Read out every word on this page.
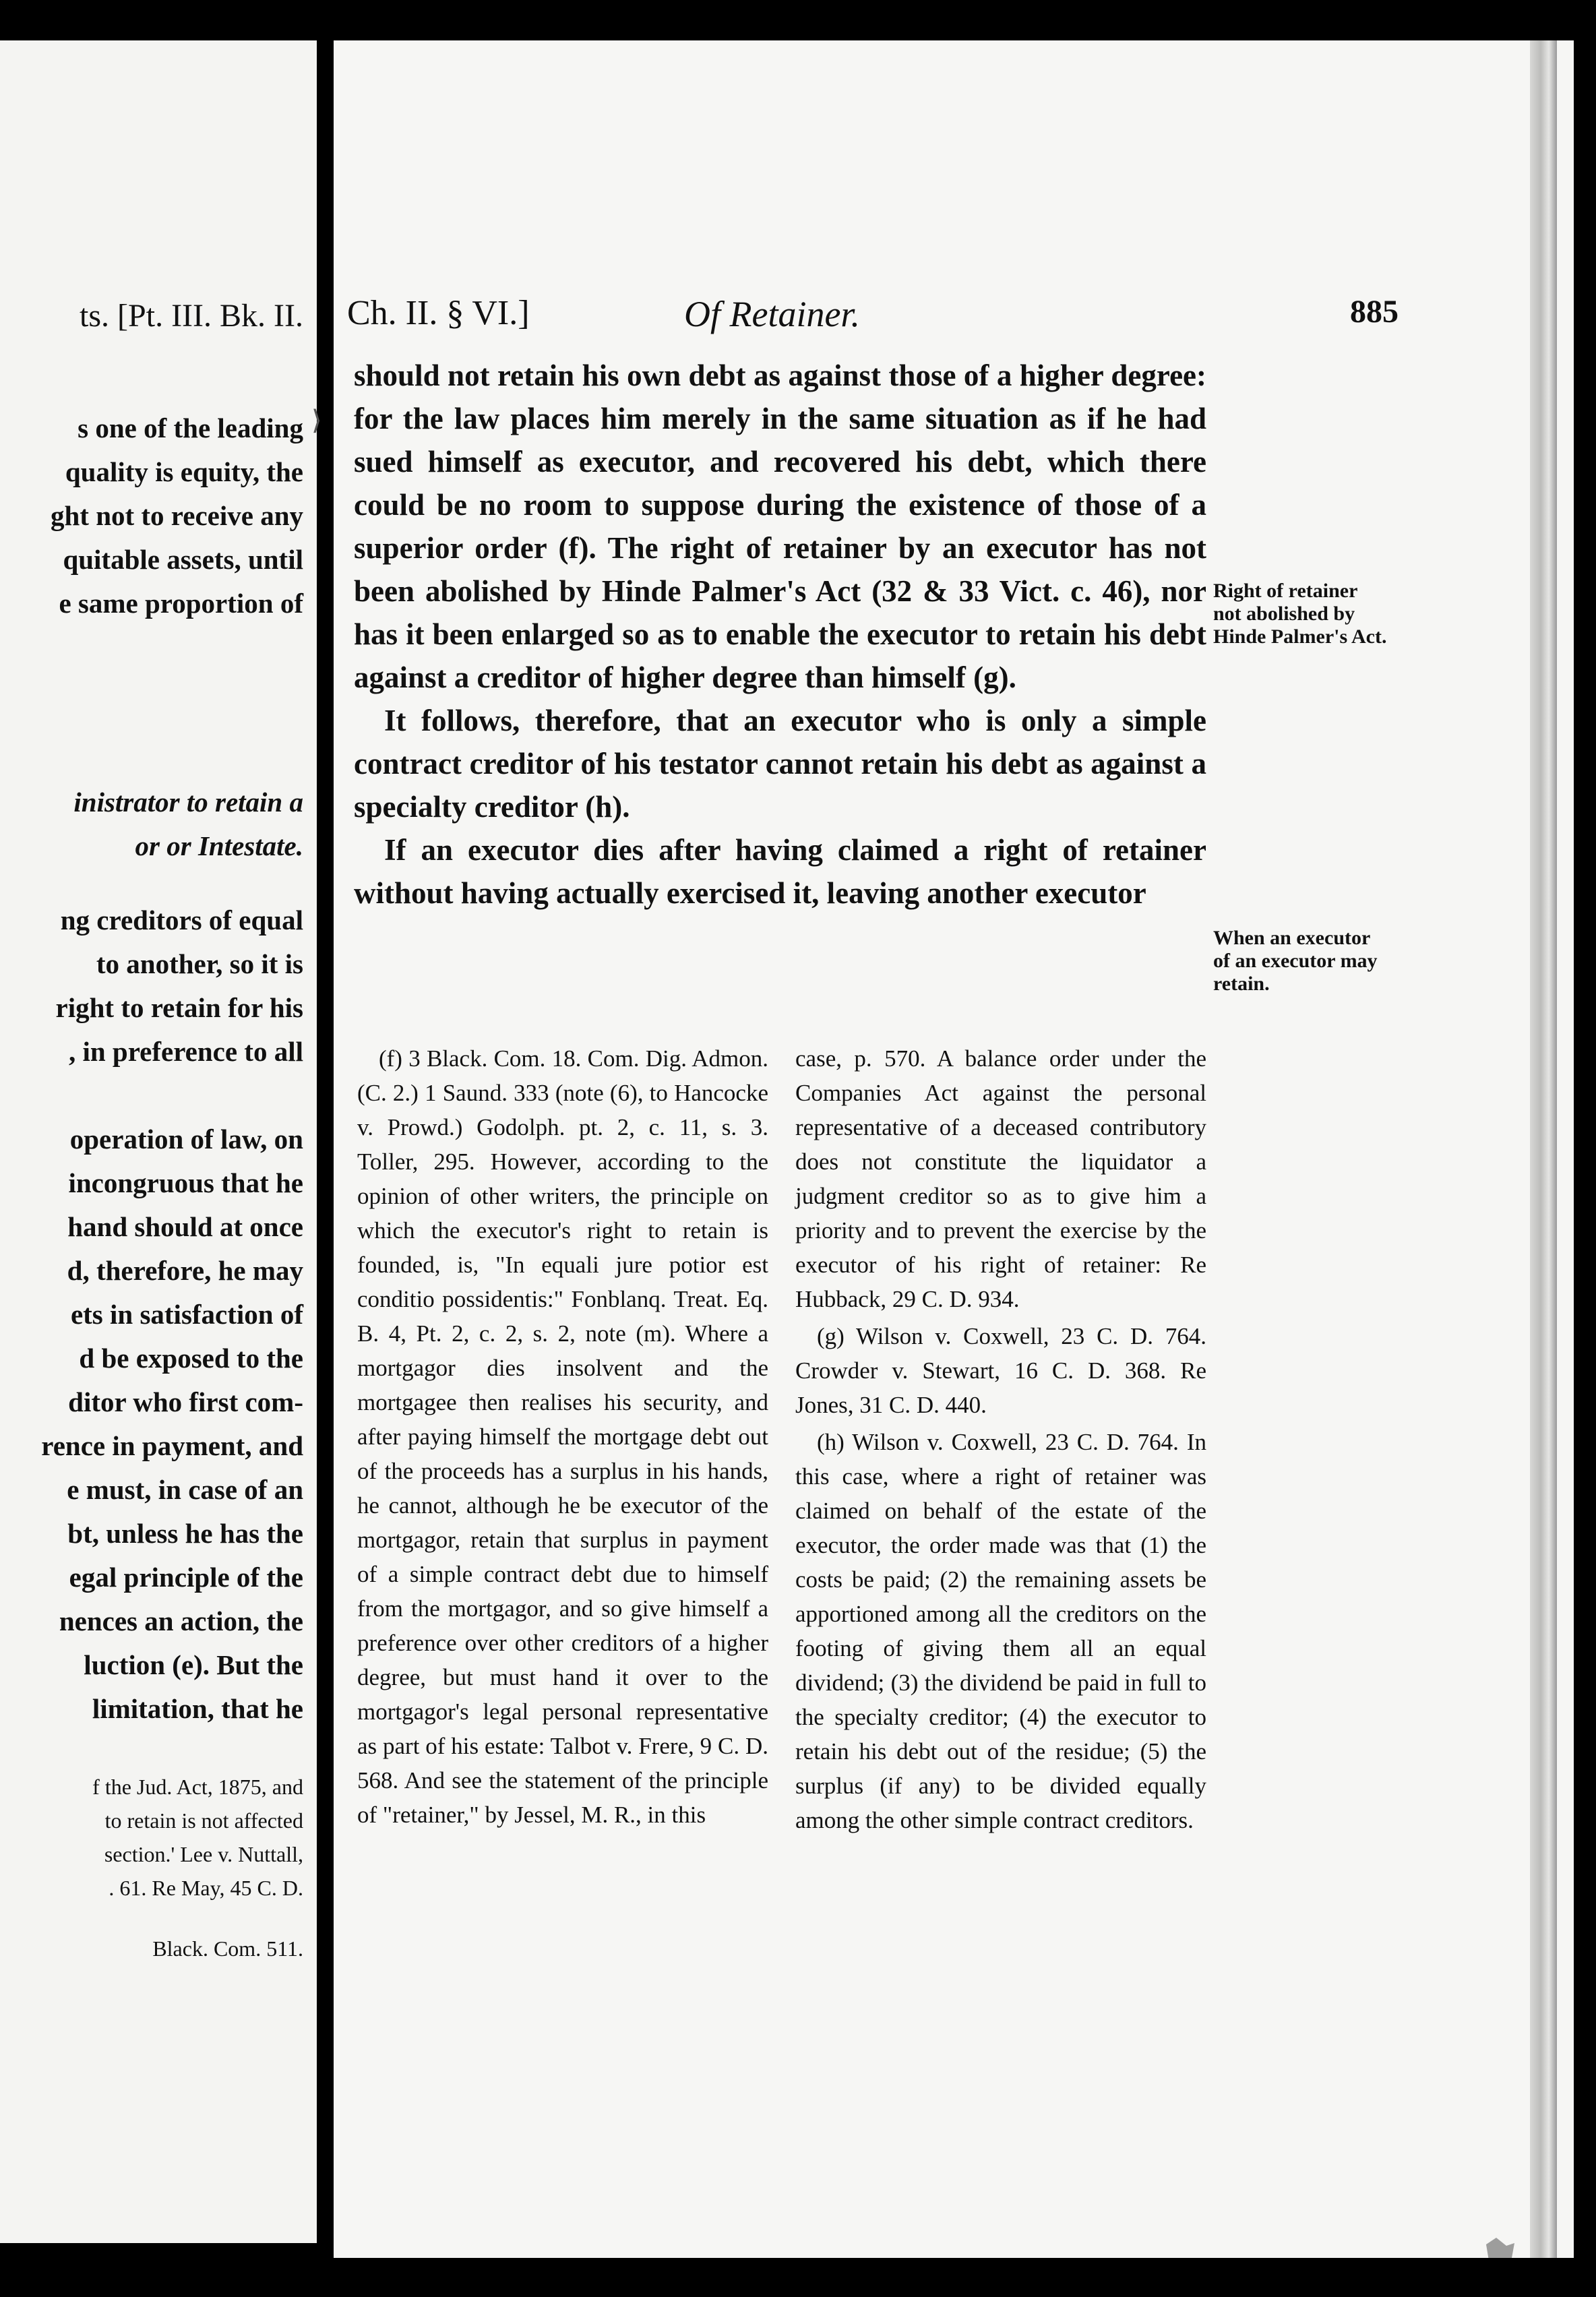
ts. [Pt. III. Bk. II.
s one of the leading
quality is equity, the
ght not to receive any
quitable assets, until
e same proportion of
inistrator to retain a
or or Intestate.
ng creditors of equal
to another, so it is
right to retain for his
, in preference to all
operation of law, on
incongruous that he
hand should at once
d, therefore, he may
ets in satisfaction of
d be exposed to the
ditor who first com-
rence in payment, and
e must, in case of an
bt, unless he has the
egal principle of the
nences an action, the
luction (e). But the
limitation, that he
f the Jud. Act, 1875, and
to retain is not affected
section.' Lee v. Nuttall,
. 61. Re May, 45 C. D.
Black. Com. 511.
Ch. II. § VI.]	Of Retainer.	885

should not retain his own debt as against those of a higher degree: for the law places him merely in the same situation as if he had sued himself as executor, and recovered his debt, which there could be no room to suppose during the existence of those of a superior order (f). The right of retainer by an executor has not been abolished by Hinde Palmer's Act (32 & 33 Vict. c. 46), nor has it been enlarged so as to enable the executor to retain his debt against a creditor of higher degree than himself (g).

It follows, therefore, that an executor who is only a simple contract creditor of his testator cannot retain his debt as against a specialty creditor (h).

If an executor dies after having claimed a right of retainer without having actually exercised it, leaving another executor

Right of retainer not abolished by Hinde Palmer's Act.
When an executor of an executor may retain.

(f) 3 Black. Com. 18. Com. Dig. Admon. (C. 2.) 1 Saund. 333 (note (6), to Hancocke v. Prowd.) Godolph. pt. 2, c. 11, s. 3. Toller, 295. However, according to the opinion of other writers, the principle on which the executor's right to retain is founded, is, "In equali jure potior est conditio possidentis:" Fonblanq. Treat. Eq. B. 4, Pt. 2, c. 2, s. 2, note (m). Where a mortgagor dies insolvent and the mortgagee then realises his security, and after paying himself the mortgage debt out of the proceeds has a surplus in his hands, he cannot, although he be executor of the mortgagor, retain that surplus in payment of a simple contract debt due to himself from the mortgagor, and so give himself a preference over other creditors of a higher degree, but must hand it over to the mortgagor's legal personal representative as part of his estate: Talbot v. Frere, 9 C. D. 568. And see the statement of the principle of "retainer," by Jessel, M. R., in this

case, p. 570. A balance order under the Companies Act against the personal representative of a deceased contributory does not constitute the liquidator a judgment creditor so as to give him a priority and to prevent the exercise by the executor of his right of retainer: Re Hubback, 29 C. D. 934.

(g) Wilson v. Coxwell, 23 C. D. 764. Crowder v. Stewart, 16 C. D. 368. Re Jones, 31 C. D. 440.

(h) Wilson v. Coxwell, 23 C. D. 764. In this case, where a right of retainer was claimed on behalf of the estate of the executor, the order made was that (1) the costs be paid; (2) the remaining assets be apportioned among all the creditors on the footing of giving them all an equal dividend; (3) the dividend be paid in full to the specialty creditor; (4) the executor to retain his debt out of the residue; (5) the surplus (if any) to be divided equally among the other simple contract creditors.

⟩
